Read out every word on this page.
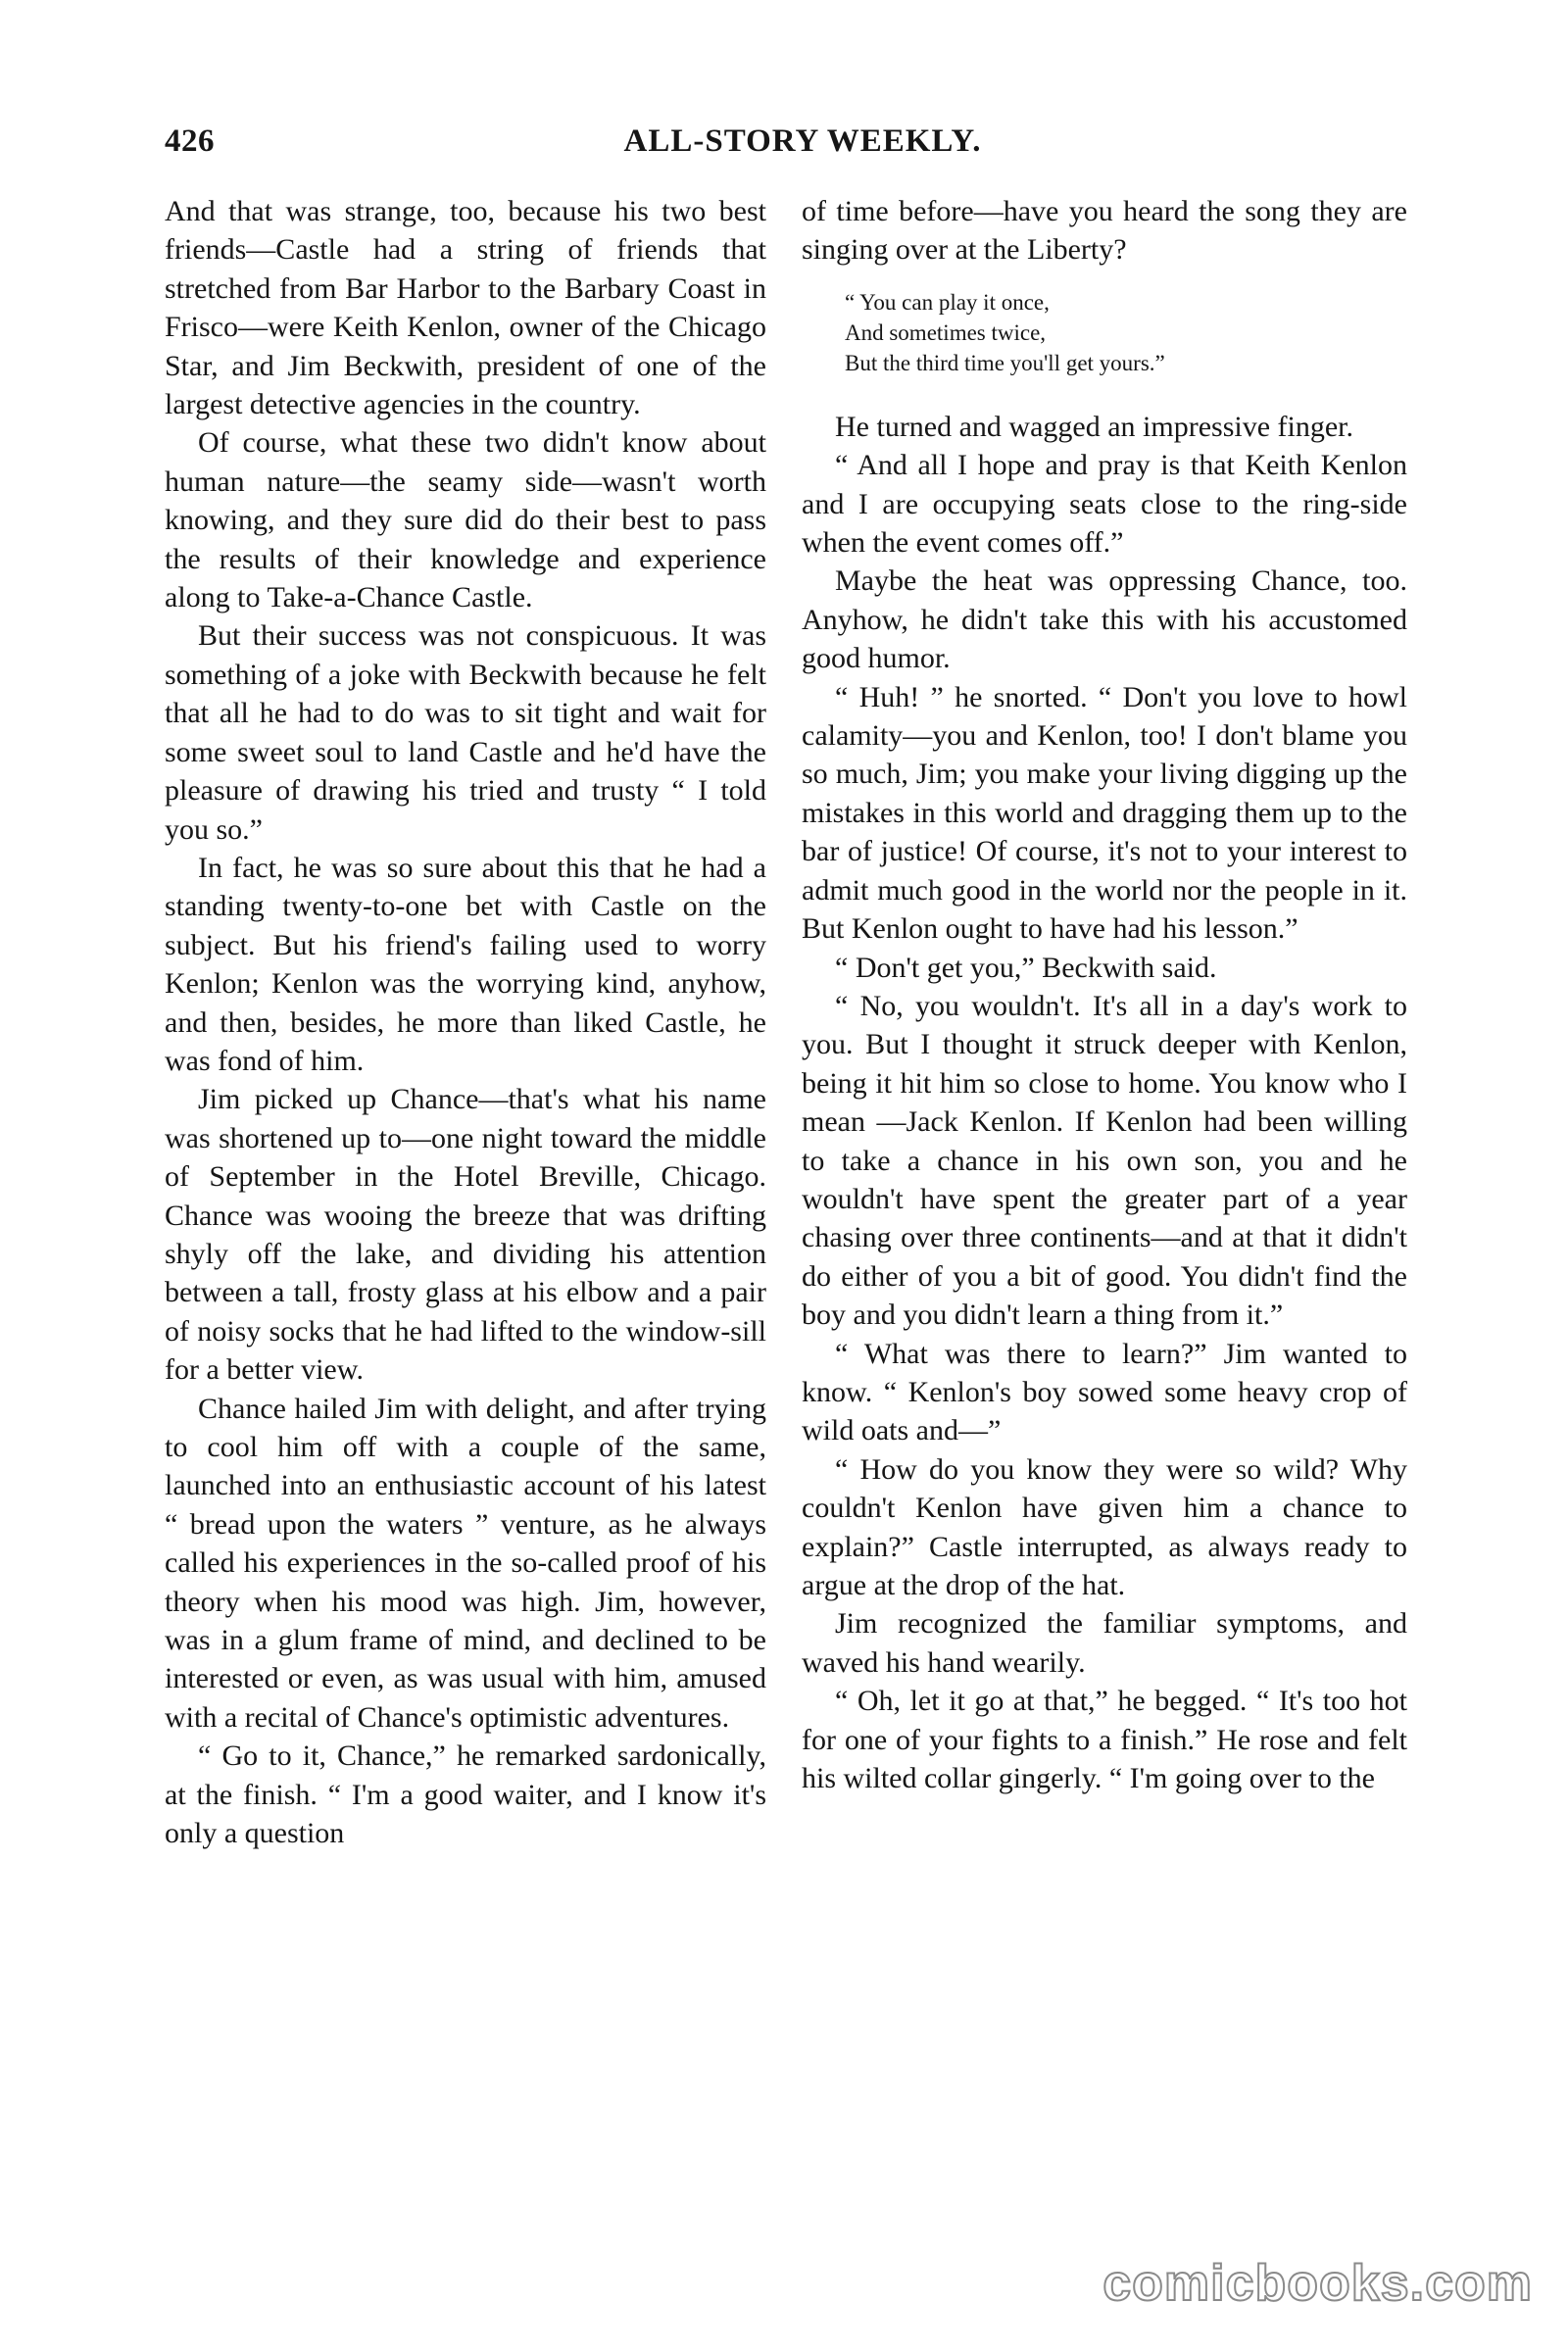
426	ALL-STORY WEEKLY.

And that was strange, too, because his two best friends—Castle had a string of friends that stretched from Bar Harbor to the Barbary Coast in Frisco—were Keith Kenlon, owner of the Chicago Star, and Jim Beckwith, president of one of the largest detective agencies in the country.

Of course, what these two didn't know about human nature—the seamy side—wasn't worth knowing, and they sure did do their best to pass the results of their knowledge and experience along to Take-a-Chance Castle.

But their success was not conspicuous. It was something of a joke with Beckwith because he felt that all he had to do was to sit tight and wait for some sweet soul to land Castle and he'd have the pleasure of drawing his tried and trusty “ I told you so.”

In fact, he was so sure about this that he had a standing twenty-to-one bet with Castle on the subject. But his friend's failing used to worry Kenlon; Kenlon was the worrying kind, anyhow, and then, besides, he more than liked Castle, he was fond of him.

Jim picked up Chance—that's what his name was shortened up to—one night toward the middle of September in the Hotel Breville, Chicago. Chance was wooing the breeze that was drifting shyly off the lake, and dividing his attention between a tall, frosty glass at his elbow and a pair of noisy socks that he had lifted to the window-sill for a better view.

Chance hailed Jim with delight, and after trying to cool him off with a couple of the same, launched into an enthusiastic account of his latest “ bread upon the waters ” venture, as he always called his experiences in the so-called proof of his theory when his mood was high. Jim, however, was in a glum frame of mind, and declined to be interested or even, as was usual with him, amused with a recital of Chance's optimistic adventures.

“ Go to it, Chance,” he remarked sardonically, at the finish. “ I'm a good waiter, and I know it's only a question

of time before—have you heard the song they are singing over at the Liberty?

“ You can play it once,
And sometimes twice,
But the third time you'll get yours.”

He turned and wagged an impressive finger.

“ And all I hope and pray is that Keith Kenlon and I are occupying seats close to the ring-side when the event comes off.”

Maybe the heat was oppressing Chance, too. Anyhow, he didn't take this with his accustomed good humor.

“ Huh! ” he snorted. “ Don't you love to howl calamity—you and Kenlon, too! I don't blame you so much, Jim; you make your living digging up the mistakes in this world and dragging them up to the bar of justice! Of course, it's not to your interest to admit much good in the world nor the people in it. But Kenlon ought to have had his lesson.”

“ Don't get you,” Beckwith said.

“ No, you wouldn't. It's all in a day's work to you. But I thought it struck deeper with Kenlon, being it hit him so close to home. You know who I mean —Jack Kenlon. If Kenlon had been willing to take a chance in his own son, you and he wouldn't have spent the greater part of a year chasing over three continents—and at that it didn't do either of you a bit of good. You didn't find the boy and you didn't learn a thing from it.”

“ What was there to learn?” Jim wanted to know. “ Kenlon's boy sowed some heavy crop of wild oats and—”

“ How do you know they were so wild? Why couldn't Kenlon have given him a chance to explain?” Castle interrupted, as always ready to argue at the drop of the hat.

Jim recognized the familiar symptoms, and waved his hand wearily.

“ Oh, let it go at that,” he begged. “ It's too hot for one of your fights to a finish.” He rose and felt his wilted collar gingerly. “ I'm going over to the

comicbooks.com
